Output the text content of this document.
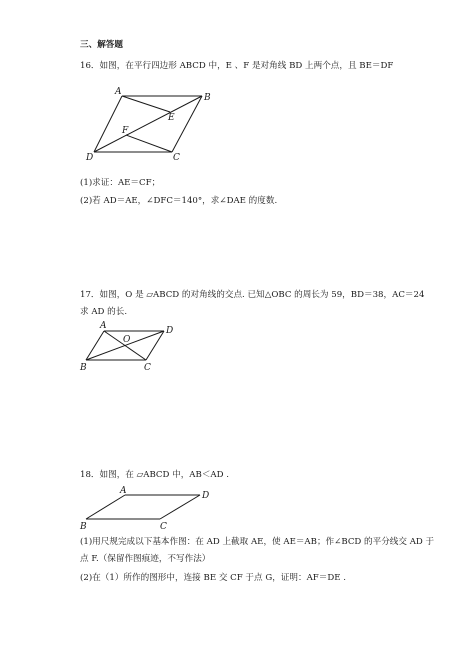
三、解答题
16．如图，在平行四边形 ABCD 中，E 、F 是对角线 BD 上两个点，且 BE＝DF
A
B
C
D
E
F
(1)求证：AE＝CF；
(2)若 AD＝AE，∠DFC＝140°，求∠DAE 的度数.
17．如图，O 是 ▱ABCD 的对角线的交点. 已知△OBC 的周长为 59，BD＝38，AC＝24
求 AD 的长.
A	D
C
B
O
18．如图，在 ▱ABCD 中，AB＜AD .
A	D
C
B
(1)用尺规完成以下基本作图：在 AD 上截取 AE，使 AE＝AB；作∠BCD 的平分线交 AD 于
点 F.（保留作图痕迹，不写作法）
(2)在（1）所作的图形中，连接 BE 交 CF 于点 G，证明：AF＝DE .
